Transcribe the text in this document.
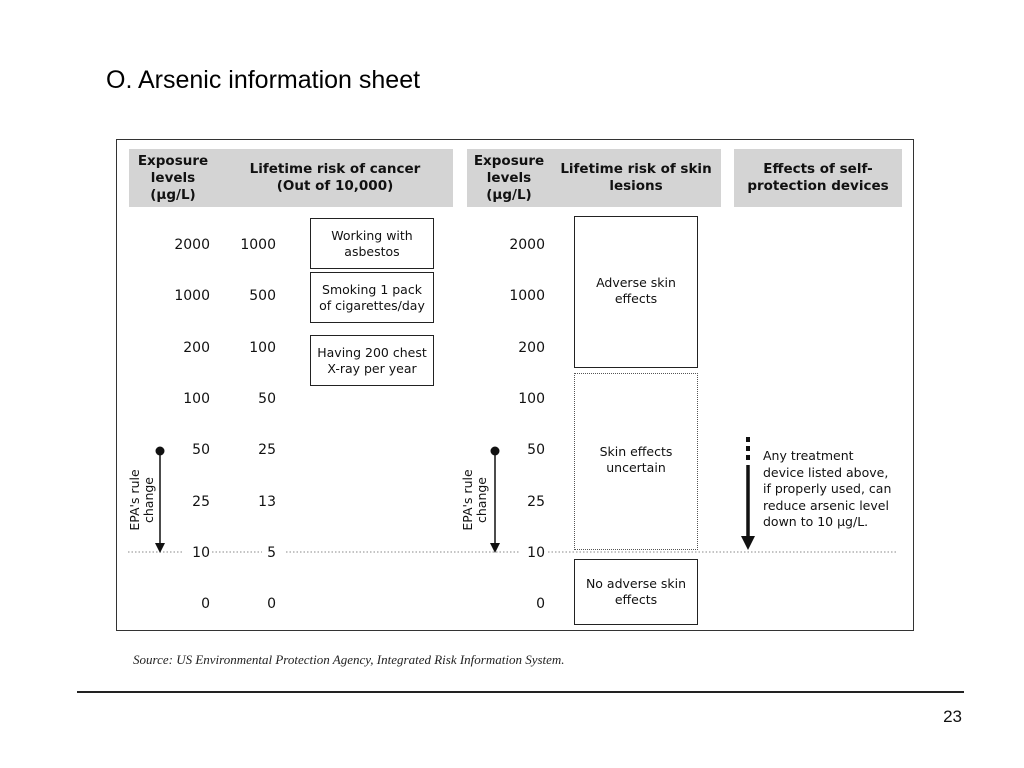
O. Arsenic information sheet
Exposure
levels
(µg/L)
Lifetime risk of cancer
(Out of 10,000)
Exposure
levels
(µg/L)
Lifetime risk of skin
lesions
Effects of self-
protection devices
2000	1000
1000	500
200	100
100	50
50	25
25	13
10	5
0	0
Working with
asbestos
Smoking 1 pack
of cigarettes/day
Having 200 chest
X-ray per year
2000
1000
200
100
50
25
10
0
Adverse skin
effects
Skin effects
uncertain
No adverse skin
effects
EPA's rule
change	EPA's rule
change
Any treatment
device listed above,
if properly used, can
reduce arsenic level
down to 10 µg/L.
Source: US Environmental Protection Agency, Integrated Risk Information System.
23
